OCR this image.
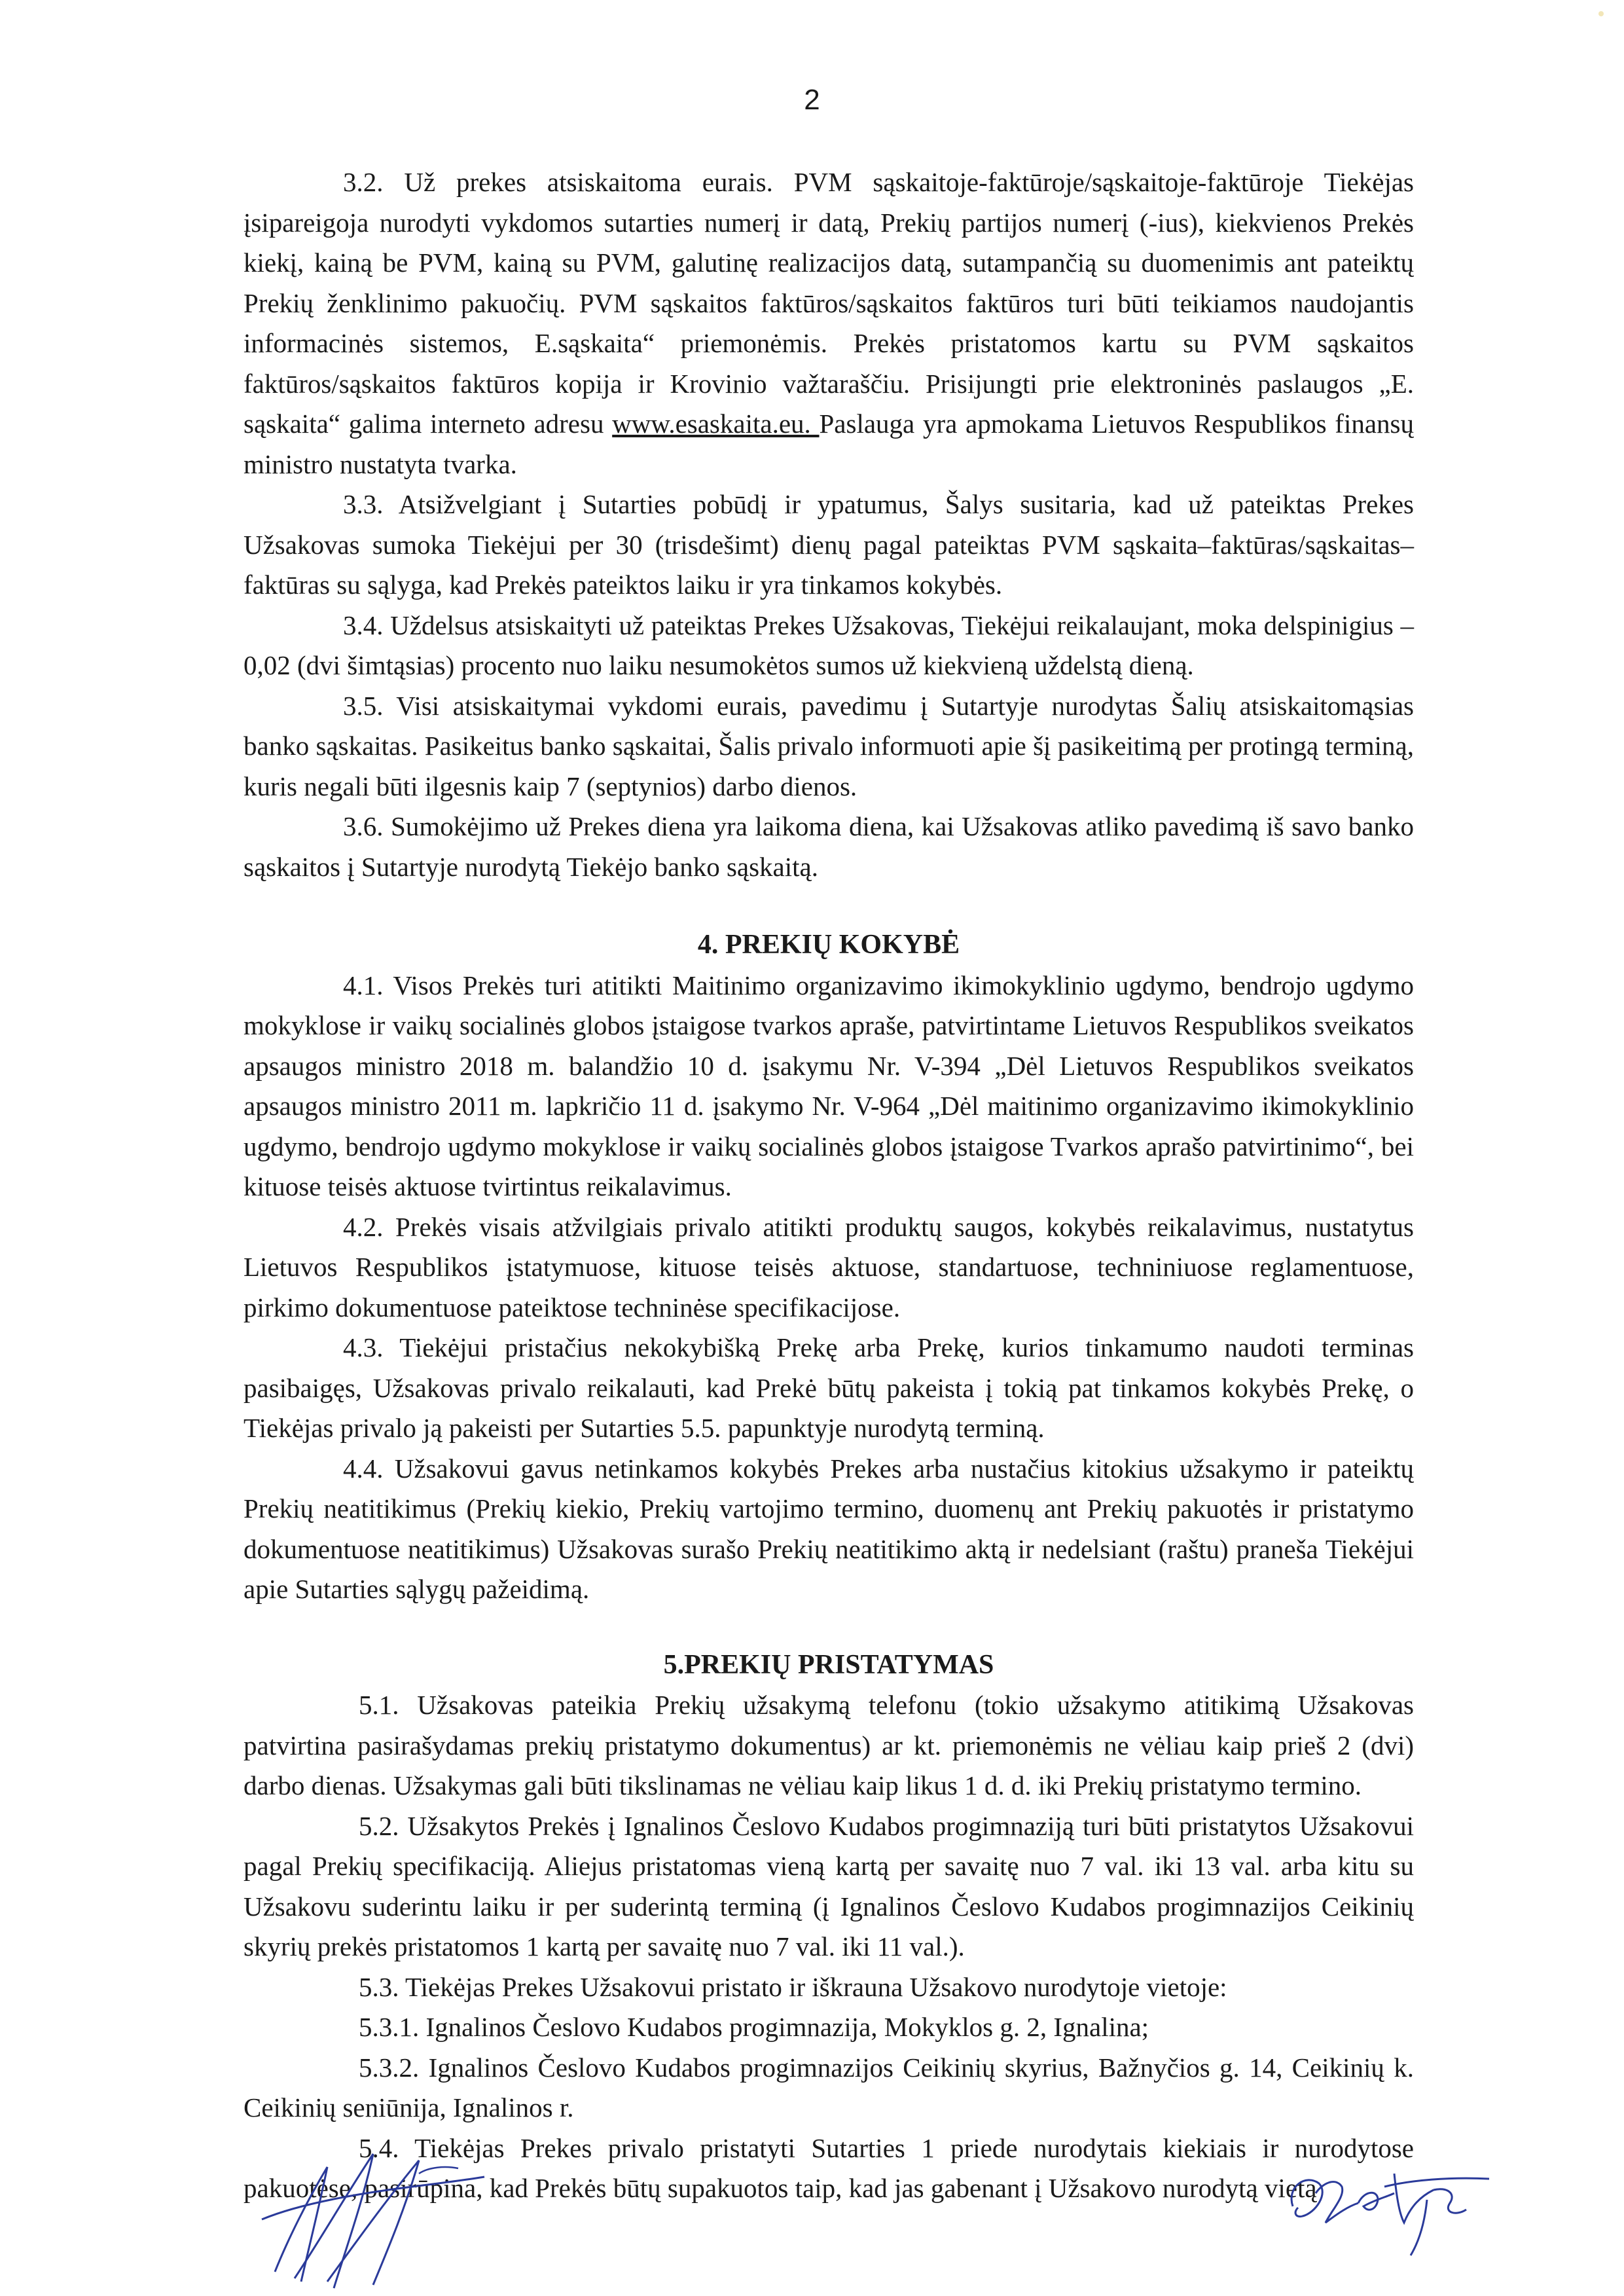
2

3.2. Už prekes atsiskaitoma eurais. PVM sąskaitoje-faktūroje/sąskaitoje-faktūroje Tiekėjas įsipareigoja nurodyti vykdomos sutarties numerį ir datą, Prekių partijos numerį (-ius), kiekvienos Prekės kiekį, kainą be PVM, kainą su PVM, galutinę realizacijos datą, sutampančią su duomenimis ant pateiktų Prekių ženklinimo pakuočių. PVM sąskaitos faktūros/sąskaitos faktūros turi būti teikiamos naudojantis informacinės sistemos, E.sąskaita“ priemonėmis. Prekės pristatomos kartu su PVM sąskaitos faktūros/sąskaitos faktūros kopija ir Krovinio važtaraščiu. Prisijungti prie elektroninės paslaugos „E. sąskaita“ galima interneto adresu www.esaskaita.eu. Paslauga yra apmokama Lietuvos Respublikos finansų ministro nustatyta tvarka.

3.3. Atsižvelgiant į Sutarties pobūdį ir ypatumus, Šalys susitaria, kad už pateiktas Prekes Užsakovas sumoka Tiekėjui per 30 (trisdešimt) dienų pagal pateiktas PVM sąskaita–faktūras/sąskaitas–faktūras su sąlyga, kad Prekės pateiktos laiku ir yra tinkamos kokybės.

3.4. Uždelsus atsiskaityti už pateiktas Prekes Užsakovas, Tiekėjui reikalaujant, moka delspinigius – 0,02 (dvi šimtąsias) procento nuo laiku nesumokėtos sumos už kiekvieną uždelstą dieną.

3.5. Visi atsiskaitymai vykdomi eurais, pavedimu į Sutartyje nurodytas Šalių atsiskaitomąsias banko sąskaitas. Pasikeitus banko sąskaitai, Šalis privalo informuoti apie šį pasikeitimą per protingą terminą, kuris negali būti ilgesnis kaip 7 (septynios) darbo dienos.

3.6. Sumokėjimo už Prekes diena yra laikoma diena, kai Užsakovas atliko pavedimą iš savo banko sąskaitos į Sutartyje nurodytą Tiekėjo banko sąskaitą.

4. PREKIŲ KOKYBĖ

4.1. Visos Prekės turi atitikti Maitinimo organizavimo ikimokyklinio ugdymo, bendrojo ugdymo mokyklose ir vaikų socialinės globos įstaigose tvarkos apraše, patvirtintame Lietuvos Respublikos sveikatos apsaugos ministro 2018 m. balandžio 10 d. įsakymu Nr. V-394 „Dėl Lietuvos Respublikos sveikatos apsaugos ministro 2011 m. lapkričio 11 d. įsakymo Nr. V-964 „Dėl maitinimo organizavimo ikimokyklinio ugdymo, bendrojo ugdymo mokyklose ir vaikų socialinės globos įstaigose Tvarkos aprašo patvirtinimo“, bei kituose teisės aktuose tvirtintus reikalavimus.

4.2. Prekės visais atžvilgiais privalo atitikti produktų saugos, kokybės reikalavimus, nustatytus Lietuvos Respublikos įstatymuose, kituose teisės aktuose, standartuose, techniniuose reglamentuose, pirkimo dokumentuose pateiktose techninėse specifikacijose.

4.3. Tiekėjui pristačius nekokybišką Prekę arba Prekę, kurios tinkamumo naudoti terminas pasibaigęs, Užsakovas privalo reikalauti, kad Prekė būtų pakeista į tokią pat tinkamos kokybės Prekę, o Tiekėjas privalo ją pakeisti per Sutarties 5.5. papunktyje nurodytą terminą.

4.4. Užsakovui gavus netinkamos kokybės Prekes arba nustačius kitokius užsakymo ir pateiktų Prekių neatitikimus (Prekių kiekio, Prekių vartojimo termino, duomenų ant Prekių pakuotės ir pristatymo dokumentuose neatitikimus) Užsakovas surašo Prekių neatitikimo aktą ir nedelsiant (raštu) praneša Tiekėjui apie Sutarties sąlygų pažeidimą.

5.PREKIŲ PRISTATYMAS

5.1. Užsakovas pateikia Prekių užsakymą telefonu (tokio užsakymo atitikimą Užsakovas patvirtina pasirašydamas prekių pristatymo dokumentus) ar kt. priemonėmis ne vėliau kaip prieš 2 (dvi) darbo dienas. Užsakymas gali būti tikslinamas ne vėliau kaip likus 1 d. d. iki Prekių pristatymo termino.

5.2. Užsakytos Prekės į Ignalinos Česlovo Kudabos progimnaziją turi būti pristatytos Užsakovui pagal Prekių specifikaciją. Aliejus pristatomas vieną kartą per savaitę nuo 7 val. iki 13 val. arba kitu su Užsakovu suderintu laiku ir per suderintą terminą (į Ignalinos Česlovo Kudabos progimnazijos Ceikinių skyrių prekės pristatomos 1 kartą per savaitę nuo 7 val. iki 11 val.).

5.3. Tiekėjas Prekes Užsakovui pristato ir iškrauna Užsakovo nurodytoje vietoje:

5.3.1. Ignalinos Česlovo Kudabos progimnazija, Mokyklos g. 2, Ignalina;

5.3.2. Ignalinos Česlovo Kudabos progimnazijos Ceikinių skyrius, Bažnyčios g. 14, Ceikinių k. Ceikinių seniūnija, Ignalinos r.

5.4. Tiekėjas Prekes privalo pristatyti Sutarties 1 priede nurodytais kiekiais ir nurodytose pakuotėse, pasirūpina, kad Prekės būtų supakuotos taip, kad jas gabenant į Užsakovo nurodytą vietą
